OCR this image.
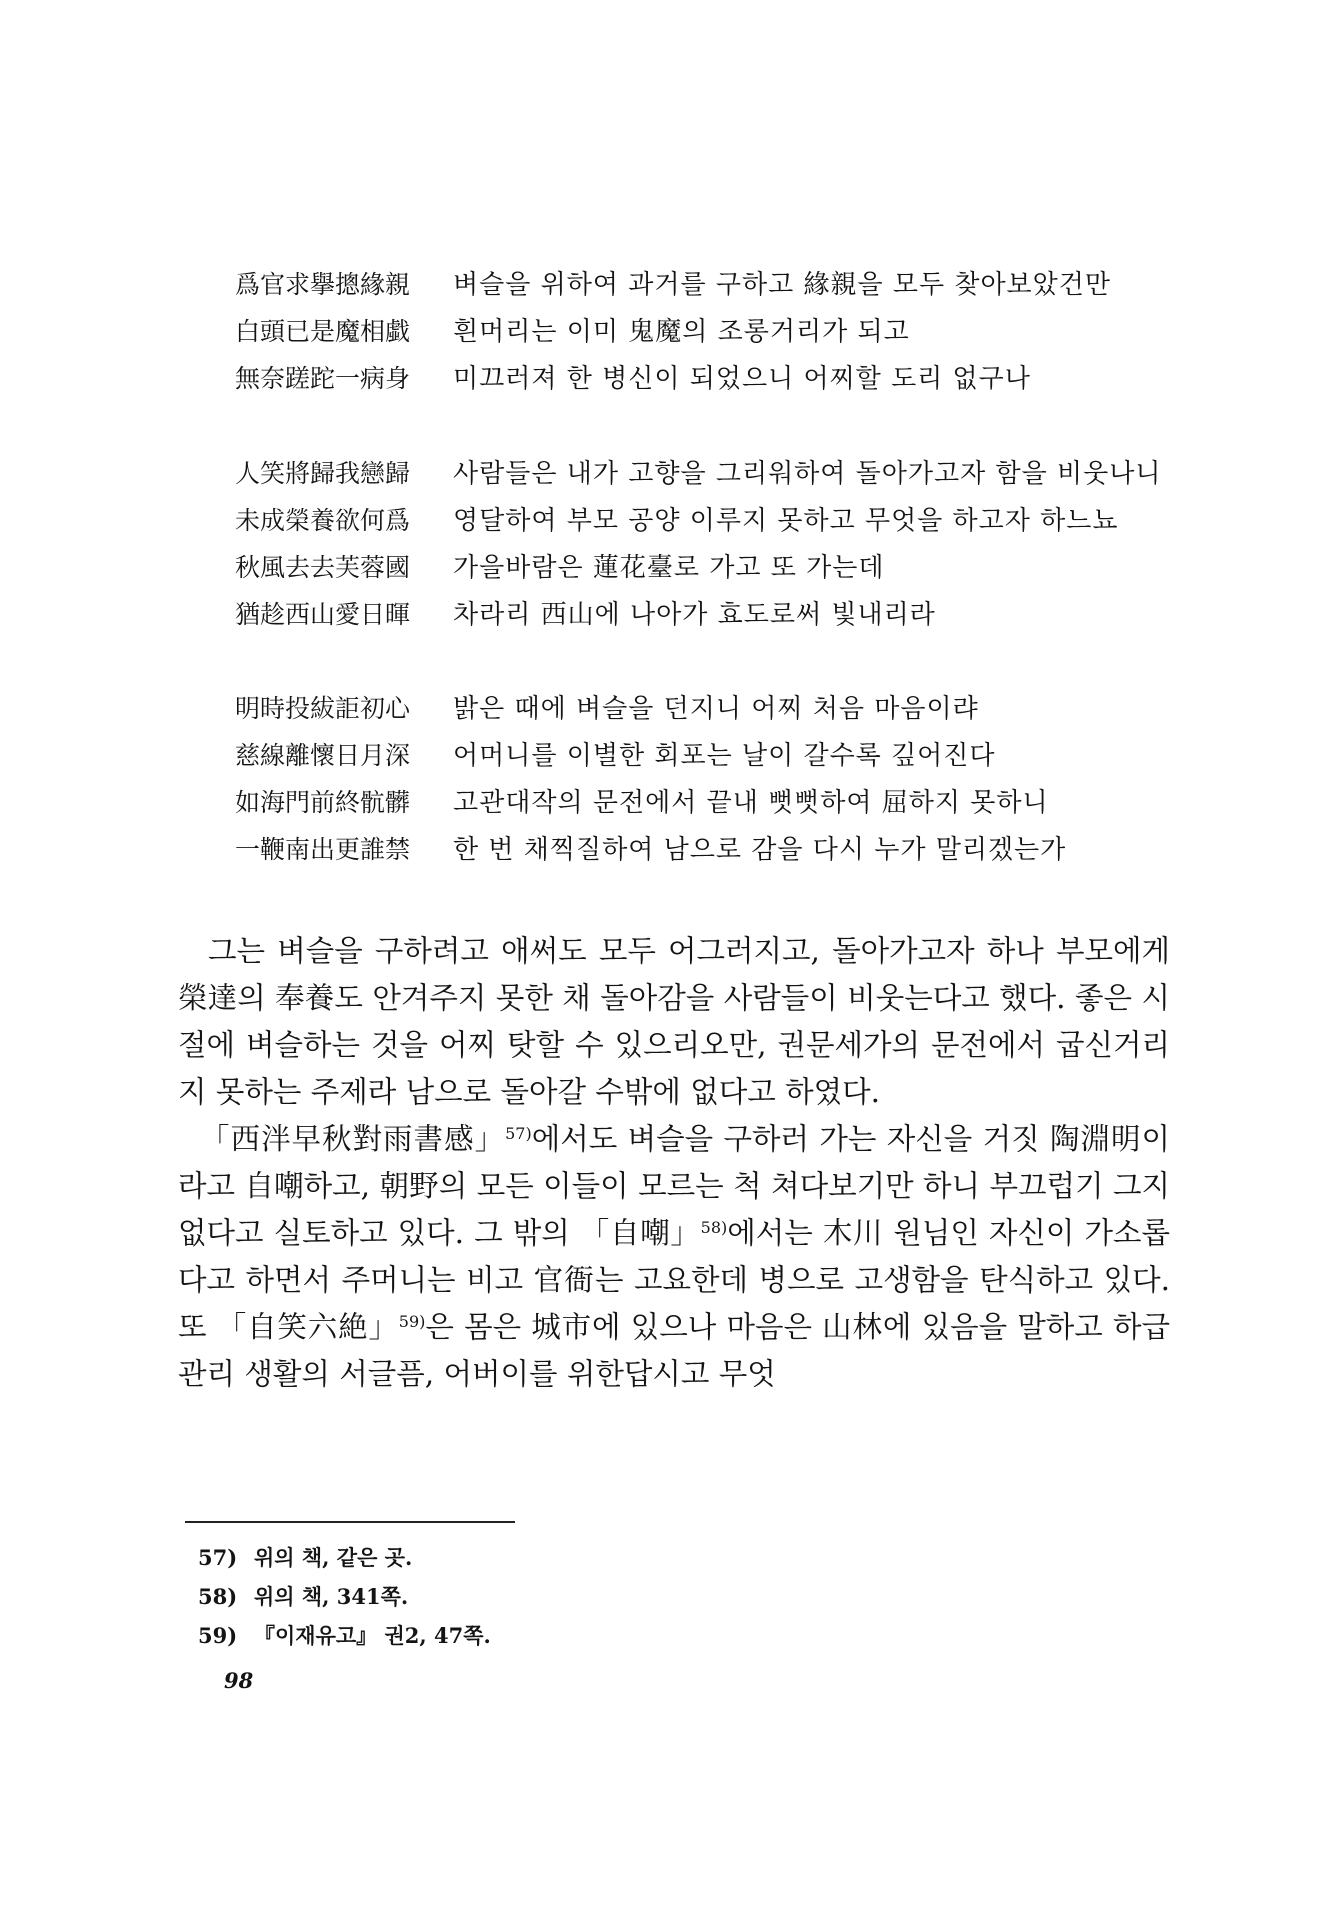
爲官求擧摠緣親	벼슬을 위하여 과거를 구하고 緣親을 모두 찾아보았건만
白頭已是魔相戱	흰머리는 이미 鬼魔의 조롱거리가 되고
無奈蹉跎一病身	미끄러져 한 병신이 되었으니 어찌할 도리 없구나
人笑將歸我戀歸	사람들은 내가 고향을 그리워하여 돌아가고자 함을 비웃나니
未成榮養欲何爲	영달하여 부모 공양 이루지 못하고 무엇을 하고자 하느뇨
秋風去去芙蓉國	가을바람은 蓮花臺로 가고 또 가는데
猶趁西山愛日暉	차라리 西山에 나아가 효도로써 빛내리라
明時投紱詎初心	밝은 때에 벼슬을 던지니 어찌 처음 마음이랴
慈線離懷日月深	어머니를 이별한 회포는 날이 갈수록 깊어진다
如海門前終骯髒	고관대작의 문전에서 끝내 뻣뻣하여 屈하지 못하니
一鞭南出更誰禁	한 번 채찍질하여 남으로 감을 다시 누가 말리겠는가

그는 벼슬을 구하려고 애써도 모두 어그러지고, 돌아가고자 하나 부모에게 榮達의 奉養도 안겨주지 못한 채 돌아감을 사람들이 비웃는다고 했다. 좋은 시절에 벼슬하는 것을 어찌 탓할 수 있으리오만, 권문세가의 문전에서 굽신거리지 못하는 주제라 남으로 돌아갈 수밖에 없다고 하였다.

「西泮早秋對雨書感」$^{57)}$에서도 벼슬을 구하러 가는 자신을 거짓 陶淵明이라고 自嘲하고, 朝野의 모든 이들이 모르는 척 쳐다보기만 하니 부끄럽기 그지없다고 실토하고 있다. 그 밖의 「自嘲」$^{58)}$에서는 木川 원님인 자신이 가소롭다고 하면서 주머니는 비고 官衙는 고요한데 병으로 고생함을 탄식하고 있다. 또 「自笑六絶」$^{59)}$은 몸은 城市에 있으나 마음은 山林에 있음을 말하고 하급관리 생활의 서글픔, 어버이를 위한답시고 무엇

57) 위의 책, 같은 곳.
58) 위의 책, 341쪽.
59) 『이재유고』 권2, 47쪽.
98
